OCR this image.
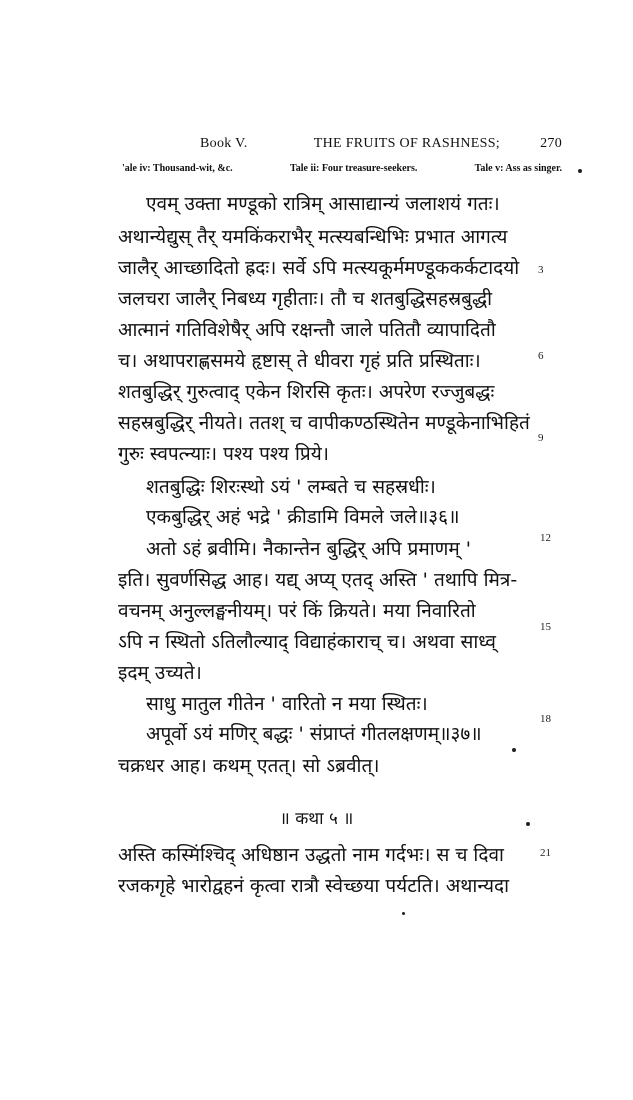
Book V.	THE FRUITS OF RASHNESS;	270
'ale iv: Thousand-wit, &c.	Tale ii: Four treasure-seekers.	Tale v: Ass as singer.
एवम् उक्ता मण्डूको रात्रिम् आसाद्यान्यं जलाशयं गतः।
अथान्येद्युस् तैर् यमकिंकराभैर् मत्स्यबन्धिभिः प्रभात आगत्य
जालैर् आच्छादितो ह्रदः। सर्वे ऽपि मत्स्यकूर्ममण्डूककर्कटादयो 3
जलचरा जालैर् निबध्य गृहीताः। तौ च शतबुद्धिसहस्रबुद्धी
आत्मानं गतिविशेषैर् अपि रक्षन्तौ जाले पतितौ व्यापादितौ
च। अथापराह्णसमये हृष्टास् ते धीवरा गृहं प्रति प्रस्थिताः।	6
शतबुद्धिर् गुरुत्वाद् एकेन शिरसि कृतः। अपरेण रज्जुबद्धः
सहस्रबुद्धिर् नीयते। ततश् च वापीकण्ठस्थितेन मण्डूकेनाभिहितं
गुरुः स्वपत्न्याः। पश्य पश्य प्रिये।
9
शतबुद्धिः शिरःस्थो ऽयं ' लम्बते च सहस्रधीः।
एकबुद्धिर् अहं भद्रे ' क्रीडामि विमले जले॥३६॥
अतो ऽहं ब्रवीमि। नैकान्तेन बुद्धिर् अपि प्रमाणम् '	12
इति। सुवर्णसिद्ध आह। यद्य् अप्य् एतद् अस्ति ' तथापि मित्र-
वचनम् अनुल्लङ्घनीयम्। परं किं क्रियते। मया निवारितो
ऽपि न स्थितो ऽतिलौल्याद् विद्याहंकाराच् च। अथवा साध्व्
15
इदम् उच्यते।
साधु मातुल गीतेन ' वारितो न मया स्थितः।
अपूर्वो ऽयं मणिर् बद्धः ' संप्राप्तं गीतलक्षणम्॥३७॥
18
चक्रधर आह। कथम् एतत्। सो ऽब्रवीत्।
॥ कथा ५ ॥
अस्ति कस्मिंश्चिद् अधिष्ठान उद्धतो नाम गर्दभः। स च दिवा	21
रजकगृहे भारोद्वहनं कृत्वा रात्रौ स्वेच्छया पर्यटति। अथान्यदा
